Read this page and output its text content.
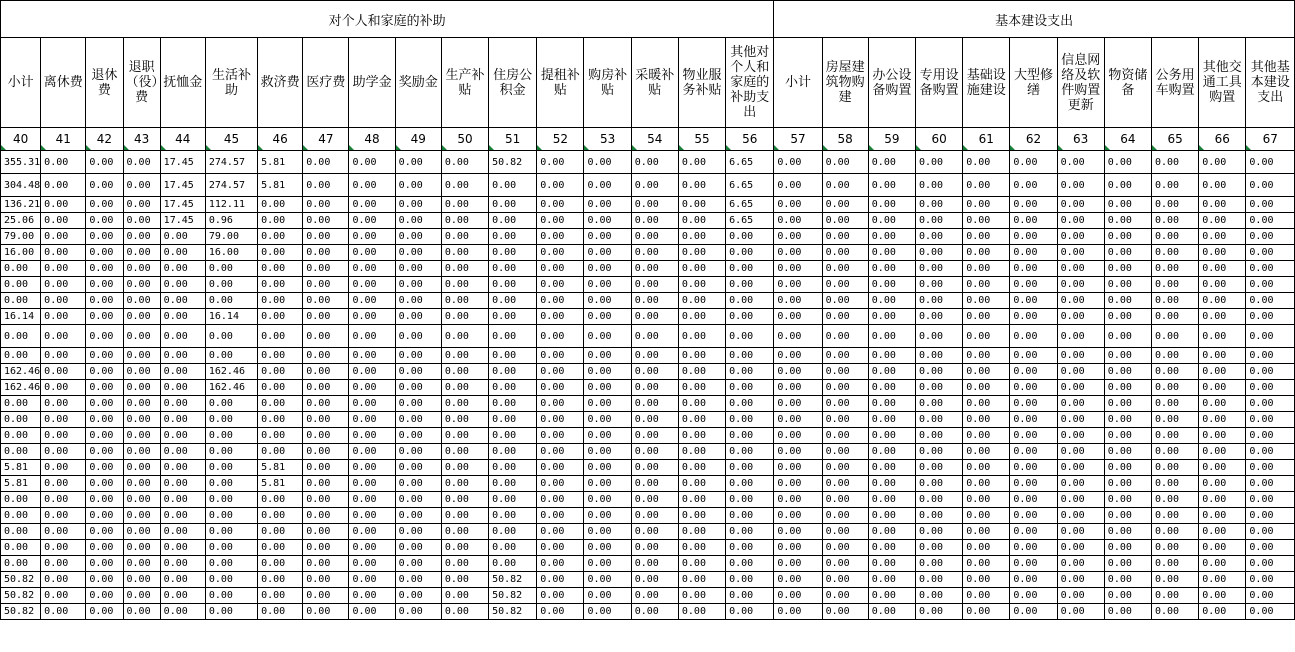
对个人和家庭的补助																	基本建设支出										
小计	离休费	退休费	退职（役）费	抚恤金	生活补助	救济费	医疗费	助学金	奖励金	生产补贴	住房公积金	提租补贴	购房补贴	采暖补贴	物业服务补贴	其他对个人和家庭的补助支出	小计	房屋建筑物购建	办公设备购置	专用设备购置	基础设施建设	大型修缮	信息网络及软件购置更新	物资储备	公务用车购置	其他交通工具购置	其他基本建设支出

40	41	42	43	44	45	46	47	48	49	50	51	52	53	54	55	56	57	58	59	60	61	62	63	64	65	66	67
355.31	0.00	0.00	0.00	17.45	274.57	5.81	0.00	0.00	0.00	0.00	50.82	0.00	0.00	0.00	0.00	6.65	0.00	0.00	0.00	0.00	0.00	0.00	0.00	0.00	0.00	0.00	0.00
304.48	0.00	0.00	0.00	17.45	274.57	5.81	0.00	0.00	0.00	0.00	0.00	0.00	0.00	0.00	0.00	6.65	0.00	0.00	0.00	0.00	0.00	0.00	0.00	0.00	0.00	0.00	0.00
136.21	0.00	0.00	0.00	17.45	112.11	0.00	0.00	0.00	0.00	0.00	0.00	0.00	0.00	0.00	0.00	6.65	0.00	0.00	0.00	0.00	0.00	0.00	0.00	0.00	0.00	0.00	0.00
25.06	0.00	0.00	0.00	17.45	0.96	0.00	0.00	0.00	0.00	0.00	0.00	0.00	0.00	0.00	0.00	6.65	0.00	0.00	0.00	0.00	0.00	0.00	0.00	0.00	0.00	0.00	0.00
79.00	0.00	0.00	0.00	0.00	79.00	0.00	0.00	0.00	0.00	0.00	0.00	0.00	0.00	0.00	0.00	0.00	0.00	0.00	0.00	0.00	0.00	0.00	0.00	0.00	0.00	0.00	0.00
16.00	0.00	0.00	0.00	0.00	16.00	0.00	0.00	0.00	0.00	0.00	0.00	0.00	0.00	0.00	0.00	0.00	0.00	0.00	0.00	0.00	0.00	0.00	0.00	0.00	0.00	0.00	0.00
0.00	0.00	0.00	0.00	0.00	0.00	0.00	0.00	0.00	0.00	0.00	0.00	0.00	0.00	0.00	0.00	0.00	0.00	0.00	0.00	0.00	0.00	0.00	0.00	0.00	0.00	0.00	0.00
0.00	0.00	0.00	0.00	0.00	0.00	0.00	0.00	0.00	0.00	0.00	0.00	0.00	0.00	0.00	0.00	0.00	0.00	0.00	0.00	0.00	0.00	0.00	0.00	0.00	0.00	0.00	0.00
0.00	0.00	0.00	0.00	0.00	0.00	0.00	0.00	0.00	0.00	0.00	0.00	0.00	0.00	0.00	0.00	0.00	0.00	0.00	0.00	0.00	0.00	0.00	0.00	0.00	0.00	0.00	0.00
16.14	0.00	0.00	0.00	0.00	16.14	0.00	0.00	0.00	0.00	0.00	0.00	0.00	0.00	0.00	0.00	0.00	0.00	0.00	0.00	0.00	0.00	0.00	0.00	0.00	0.00	0.00	0.00
0.00	0.00	0.00	0.00	0.00	0.00	0.00	0.00	0.00	0.00	0.00	0.00	0.00	0.00	0.00	0.00	0.00	0.00	0.00	0.00	0.00	0.00	0.00	0.00	0.00	0.00	0.00	0.00
0.00	0.00	0.00	0.00	0.00	0.00	0.00	0.00	0.00	0.00	0.00	0.00	0.00	0.00	0.00	0.00	0.00	0.00	0.00	0.00	0.00	0.00	0.00	0.00	0.00	0.00	0.00	0.00
162.46	0.00	0.00	0.00	0.00	162.46	0.00	0.00	0.00	0.00	0.00	0.00	0.00	0.00	0.00	0.00	0.00	0.00	0.00	0.00	0.00	0.00	0.00	0.00	0.00	0.00	0.00	0.00
162.46	0.00	0.00	0.00	0.00	162.46	0.00	0.00	0.00	0.00	0.00	0.00	0.00	0.00	0.00	0.00	0.00	0.00	0.00	0.00	0.00	0.00	0.00	0.00	0.00	0.00	0.00	0.00
0.00	0.00	0.00	0.00	0.00	0.00	0.00	0.00	0.00	0.00	0.00	0.00	0.00	0.00	0.00	0.00	0.00	0.00	0.00	0.00	0.00	0.00	0.00	0.00	0.00	0.00	0.00	0.00
0.00	0.00	0.00	0.00	0.00	0.00	0.00	0.00	0.00	0.00	0.00	0.00	0.00	0.00	0.00	0.00	0.00	0.00	0.00	0.00	0.00	0.00	0.00	0.00	0.00	0.00	0.00	0.00
0.00	0.00	0.00	0.00	0.00	0.00	0.00	0.00	0.00	0.00	0.00	0.00	0.00	0.00	0.00	0.00	0.00	0.00	0.00	0.00	0.00	0.00	0.00	0.00	0.00	0.00	0.00	0.00
0.00	0.00	0.00	0.00	0.00	0.00	0.00	0.00	0.00	0.00	0.00	0.00	0.00	0.00	0.00	0.00	0.00	0.00	0.00	0.00	0.00	0.00	0.00	0.00	0.00	0.00	0.00	0.00
5.81	0.00	0.00	0.00	0.00	0.00	5.81	0.00	0.00	0.00	0.00	0.00	0.00	0.00	0.00	0.00	0.00	0.00	0.00	0.00	0.00	0.00	0.00	0.00	0.00	0.00	0.00	0.00
5.81	0.00	0.00	0.00	0.00	0.00	5.81	0.00	0.00	0.00	0.00	0.00	0.00	0.00	0.00	0.00	0.00	0.00	0.00	0.00	0.00	0.00	0.00	0.00	0.00	0.00	0.00	0.00
0.00	0.00	0.00	0.00	0.00	0.00	0.00	0.00	0.00	0.00	0.00	0.00	0.00	0.00	0.00	0.00	0.00	0.00	0.00	0.00	0.00	0.00	0.00	0.00	0.00	0.00	0.00	0.00
0.00	0.00	0.00	0.00	0.00	0.00	0.00	0.00	0.00	0.00	0.00	0.00	0.00	0.00	0.00	0.00	0.00	0.00	0.00	0.00	0.00	0.00	0.00	0.00	0.00	0.00	0.00	0.00
0.00	0.00	0.00	0.00	0.00	0.00	0.00	0.00	0.00	0.00	0.00	0.00	0.00	0.00	0.00	0.00	0.00	0.00	0.00	0.00	0.00	0.00	0.00	0.00	0.00	0.00	0.00	0.00
0.00	0.00	0.00	0.00	0.00	0.00	0.00	0.00	0.00	0.00	0.00	0.00	0.00	0.00	0.00	0.00	0.00	0.00	0.00	0.00	0.00	0.00	0.00	0.00	0.00	0.00	0.00	0.00
0.00	0.00	0.00	0.00	0.00	0.00	0.00	0.00	0.00	0.00	0.00	0.00	0.00	0.00	0.00	0.00	0.00	0.00	0.00	0.00	0.00	0.00	0.00	0.00	0.00	0.00	0.00	0.00
50.82	0.00	0.00	0.00	0.00	0.00	0.00	0.00	0.00	0.00	0.00	50.82	0.00	0.00	0.00	0.00	0.00	0.00	0.00	0.00	0.00	0.00	0.00	0.00	0.00	0.00	0.00	0.00
50.82	0.00	0.00	0.00	0.00	0.00	0.00	0.00	0.00	0.00	0.00	50.82	0.00	0.00	0.00	0.00	0.00	0.00	0.00	0.00	0.00	0.00	0.00	0.00	0.00	0.00	0.00	0.00
50.82	0.00	0.00	0.00	0.00	0.00	0.00	0.00	0.00	0.00	0.00	50.82	0.00	0.00	0.00	0.00	0.00	0.00	0.00	0.00	0.00	0.00	0.00	0.00	0.00	0.00	0.00	0.00
